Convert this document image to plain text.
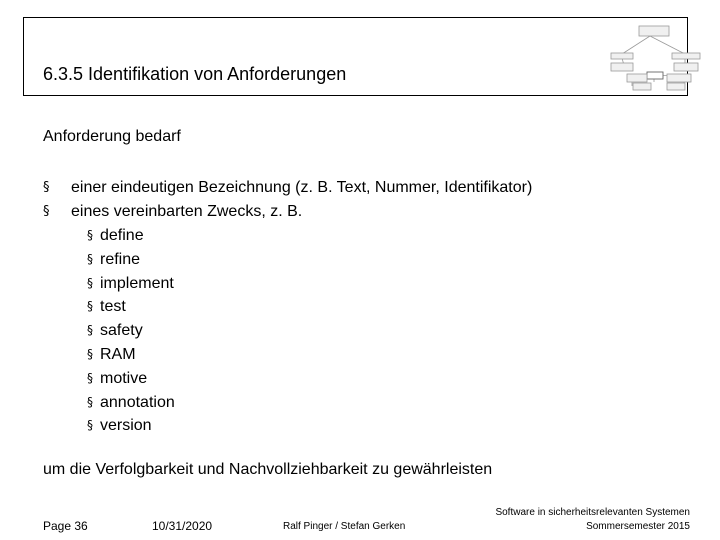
6.3.5 Identifikation von Anforderungen
Anforderung bedarf
§ einer eindeutigen Bezeichnung (z. B. Text, Nummer, Identifikator)
§ eines vereinbarten Zwecks, z. B.
§ define
§ refine
§ implement
§ test
§ safety
§ RAM
§ motive
§ annotation
§ version
um die Verfolgbarkeit und Nachvollziehbarkeit zu gewährleisten
Page 36	10/31/2020	Ralf Pinger / Stefan Gerken
Software in sicherheitsrelevanten Systemen
Sommersemester 2015
